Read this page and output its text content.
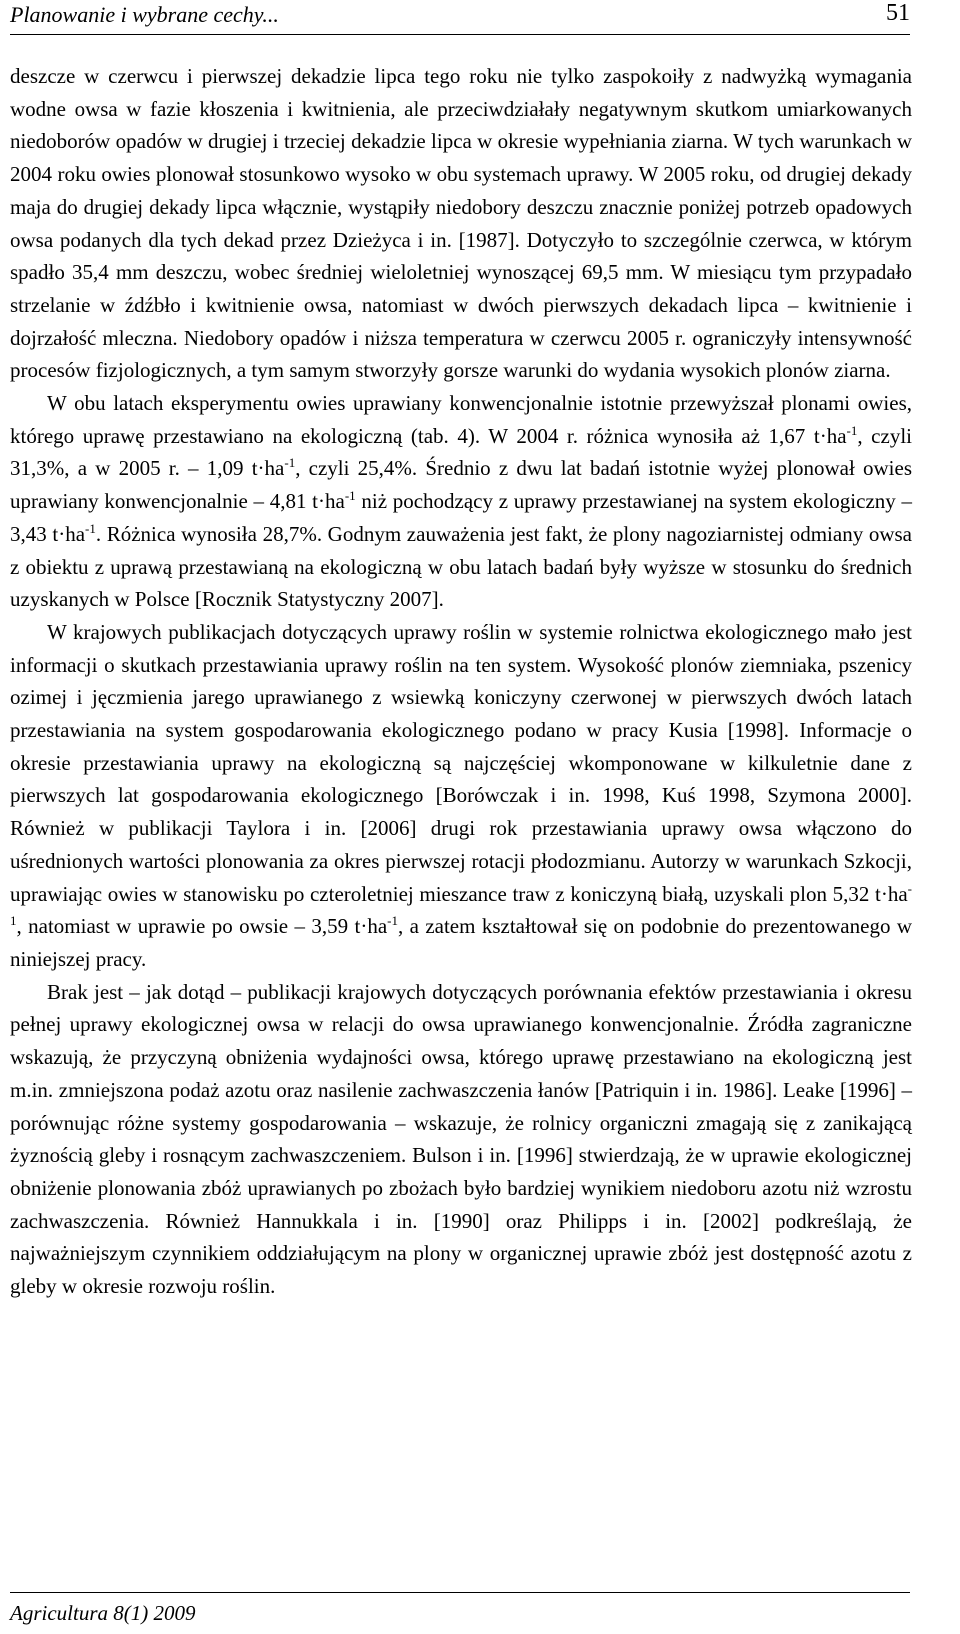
Planowanie i wybrane cechy...	51

deszcze w czerwcu i pierwszej dekadzie lipca tego roku nie tylko zaspokoiły z nadwyżką wymagania wodne owsa w fazie kłoszenia i kwitnienia, ale przeciwdziałały negatywnym skutkom umiarkowanych niedoborów opadów w drugiej i trzeciej dekadzie lipca w okresie wypełniania ziarna. W tych warunkach w 2004 roku owies plonował stosunkowo wysoko w obu systemach uprawy. W 2005 roku, od drugiej dekady maja do drugiej dekady lipca włącznie, wystąpiły niedobory deszczu znacznie poniżej potrzeb opadowych owsa podanych dla tych dekad przez Dzieżyca i in. [1987]. Dotyczyło to szczególnie czerwca, w którym spadło 35,4 mm deszczu, wobec średniej wieloletniej wynoszącej 69,5 mm. W miesiącu tym przypadało strzelanie w źdźbło i kwitnienie owsa, natomiast w dwóch pierwszych dekadach lipca – kwitnienie i dojrzałość mleczna. Niedobory opadów i niższa temperatura w czerwcu 2005 r. ograniczyły intensywność procesów fizjologicznych, a tym samym stworzyły gorsze warunki do wydania wysokich plonów ziarna.

W obu latach eksperymentu owies uprawiany konwencjonalnie istotnie przewyższał plonami owies, którego uprawę przestawiano na ekologiczną (tab. 4). W 2004 r. różnica wynosiła aż 1,67 $t\cdot ha^{-1}$, czyli 31,3%, a w 2005 r. – 1,09 $t\cdot ha^{-1}$, czyli 25,4%. Średnio z dwu lat badań istotnie wyżej plonował owies uprawiany konwencjonalnie – 4,81 $t\cdot ha^{-1}$ niż pochodzący z uprawy przestawianej na system ekologiczny – 3,43 $t\cdot ha^{-1}$. Różnica wynosiła 28,7%. Godnym zauważenia jest fakt, że plony nagoziarnistej odmiany owsa z obiektu z uprawą przestawianą na ekologiczną w obu latach badań były wyższe w stosunku do średnich uzyskanych w Polsce [Rocznik Statystyczny 2007].

W krajowych publikacjach dotyczących uprawy roślin w systemie rolnictwa ekologicznego mało jest informacji o skutkach przestawiania uprawy roślin na ten system. Wysokość plonów ziemniaka, pszenicy ozimej i jęczmienia jarego uprawianego z wsiewką koniczyny czerwonej w pierwszych dwóch latach przestawiania na system gospodarowania ekologicznego podano w pracy Kusia [1998]. Informacje o okresie przestawiania uprawy na ekologiczną są najczęściej wkomponowane w kilkuletnie dane z pierwszych lat gospodarowania ekologicznego [Borówczak i in. 1998, Kuś 1998, Szymona 2000]. Również w publikacji Taylora i in. [2006] drugi rok przestawiania uprawy owsa włączono do uśrednionych wartości plonowania za okres pierwszej rotacji płodozmianu. Autorzy w warunkach Szkocji, uprawiając owies w stanowisku po czteroletniej mieszance traw z koniczyną białą, uzyskali plon 5,32 $t\cdot ha^{-1}$, natomiast w uprawie po owsie – 3,59 $t\cdot ha^{-1}$, a zatem kształtował się on podobnie do prezentowanego w niniejszej pracy.

Brak jest – jak dotąd – publikacji krajowych dotyczących porównania efektów przestawiania i okresu pełnej uprawy ekologicznej owsa w relacji do owsa uprawianego konwencjonalnie. Źródła zagraniczne wskazują, że przyczyną obniżenia wydajności owsa, którego uprawę przestawiano na ekologiczną jest m.in. zmniejszona podaż azotu oraz nasilenie zachwaszczenia łanów [Patriquin i in. 1986]. Leake [1996] – porównując różne systemy gospodarowania – wskazuje, że rolnicy organiczni zmagają się z zanikającą żyznością gleby i rosnącym zachwaszczeniem. Bulson i in. [1996] stwierdzają, że w uprawie ekologicznej obniżenie plonowania zbóż uprawianych po zbożach było bardziej wynikiem niedoboru azotu niż wzrostu zachwaszczenia. Również Hannukkala i in. [1990] oraz Philipps i in. [2002] podkreślają, że najważniejszym czynnikiem oddziałującym na plony w organicznej uprawie zbóż jest dostępność azotu z gleby w okresie rozwoju roślin.

Agricultura 8(1) 2009
